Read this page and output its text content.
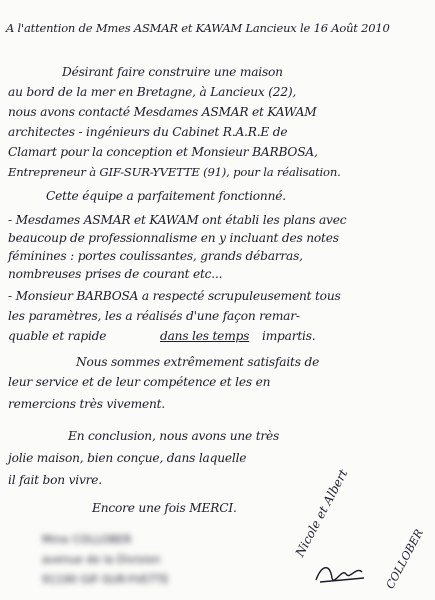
A l'attention de Mmes ASMAR et KAWAM Lancieux le 16 Août 2010
Désirant faire construire une maison
au bord de la mer en Bretagne, à Lancieux (22),
nous avons contacté Mesdames ASMAR et KAWAM
architectes - ingénieurs du Cabinet R.A.R.E de
Clamart pour la conception et Monsieur BARBOSA,
Entrepreneur à GIF-SUR-YVETTE (91), pour la réalisation.
Cette équipe a parfaitement fonctionné.
- Mesdames ASMAR et KAWAM ont établi les plans avec
beaucoup de professionnalisme en y incluant des notes
féminines : portes coulissantes, grands débarras,
nombreuses prises de courant etc...
- Monsieur BARBOSA a respecté scrupuleusement tous
les paramètres, les a réalisés d'une façon remar-
quable et rapide	dans les temps impartis.
Nous sommes extrêmement satisfaits de
leur service et de leur compétence et les en
remercions très vivement.
En conclusion, nous avons une très
jolie maison, bien conçue, dans laquelle
il fait bon vivre.
Encore une fois MERCI.
Mme COLLOBER
avenue de la Division
91190 GIF-SUR-YVETTE
Nicole et Albert
COLLOBER
